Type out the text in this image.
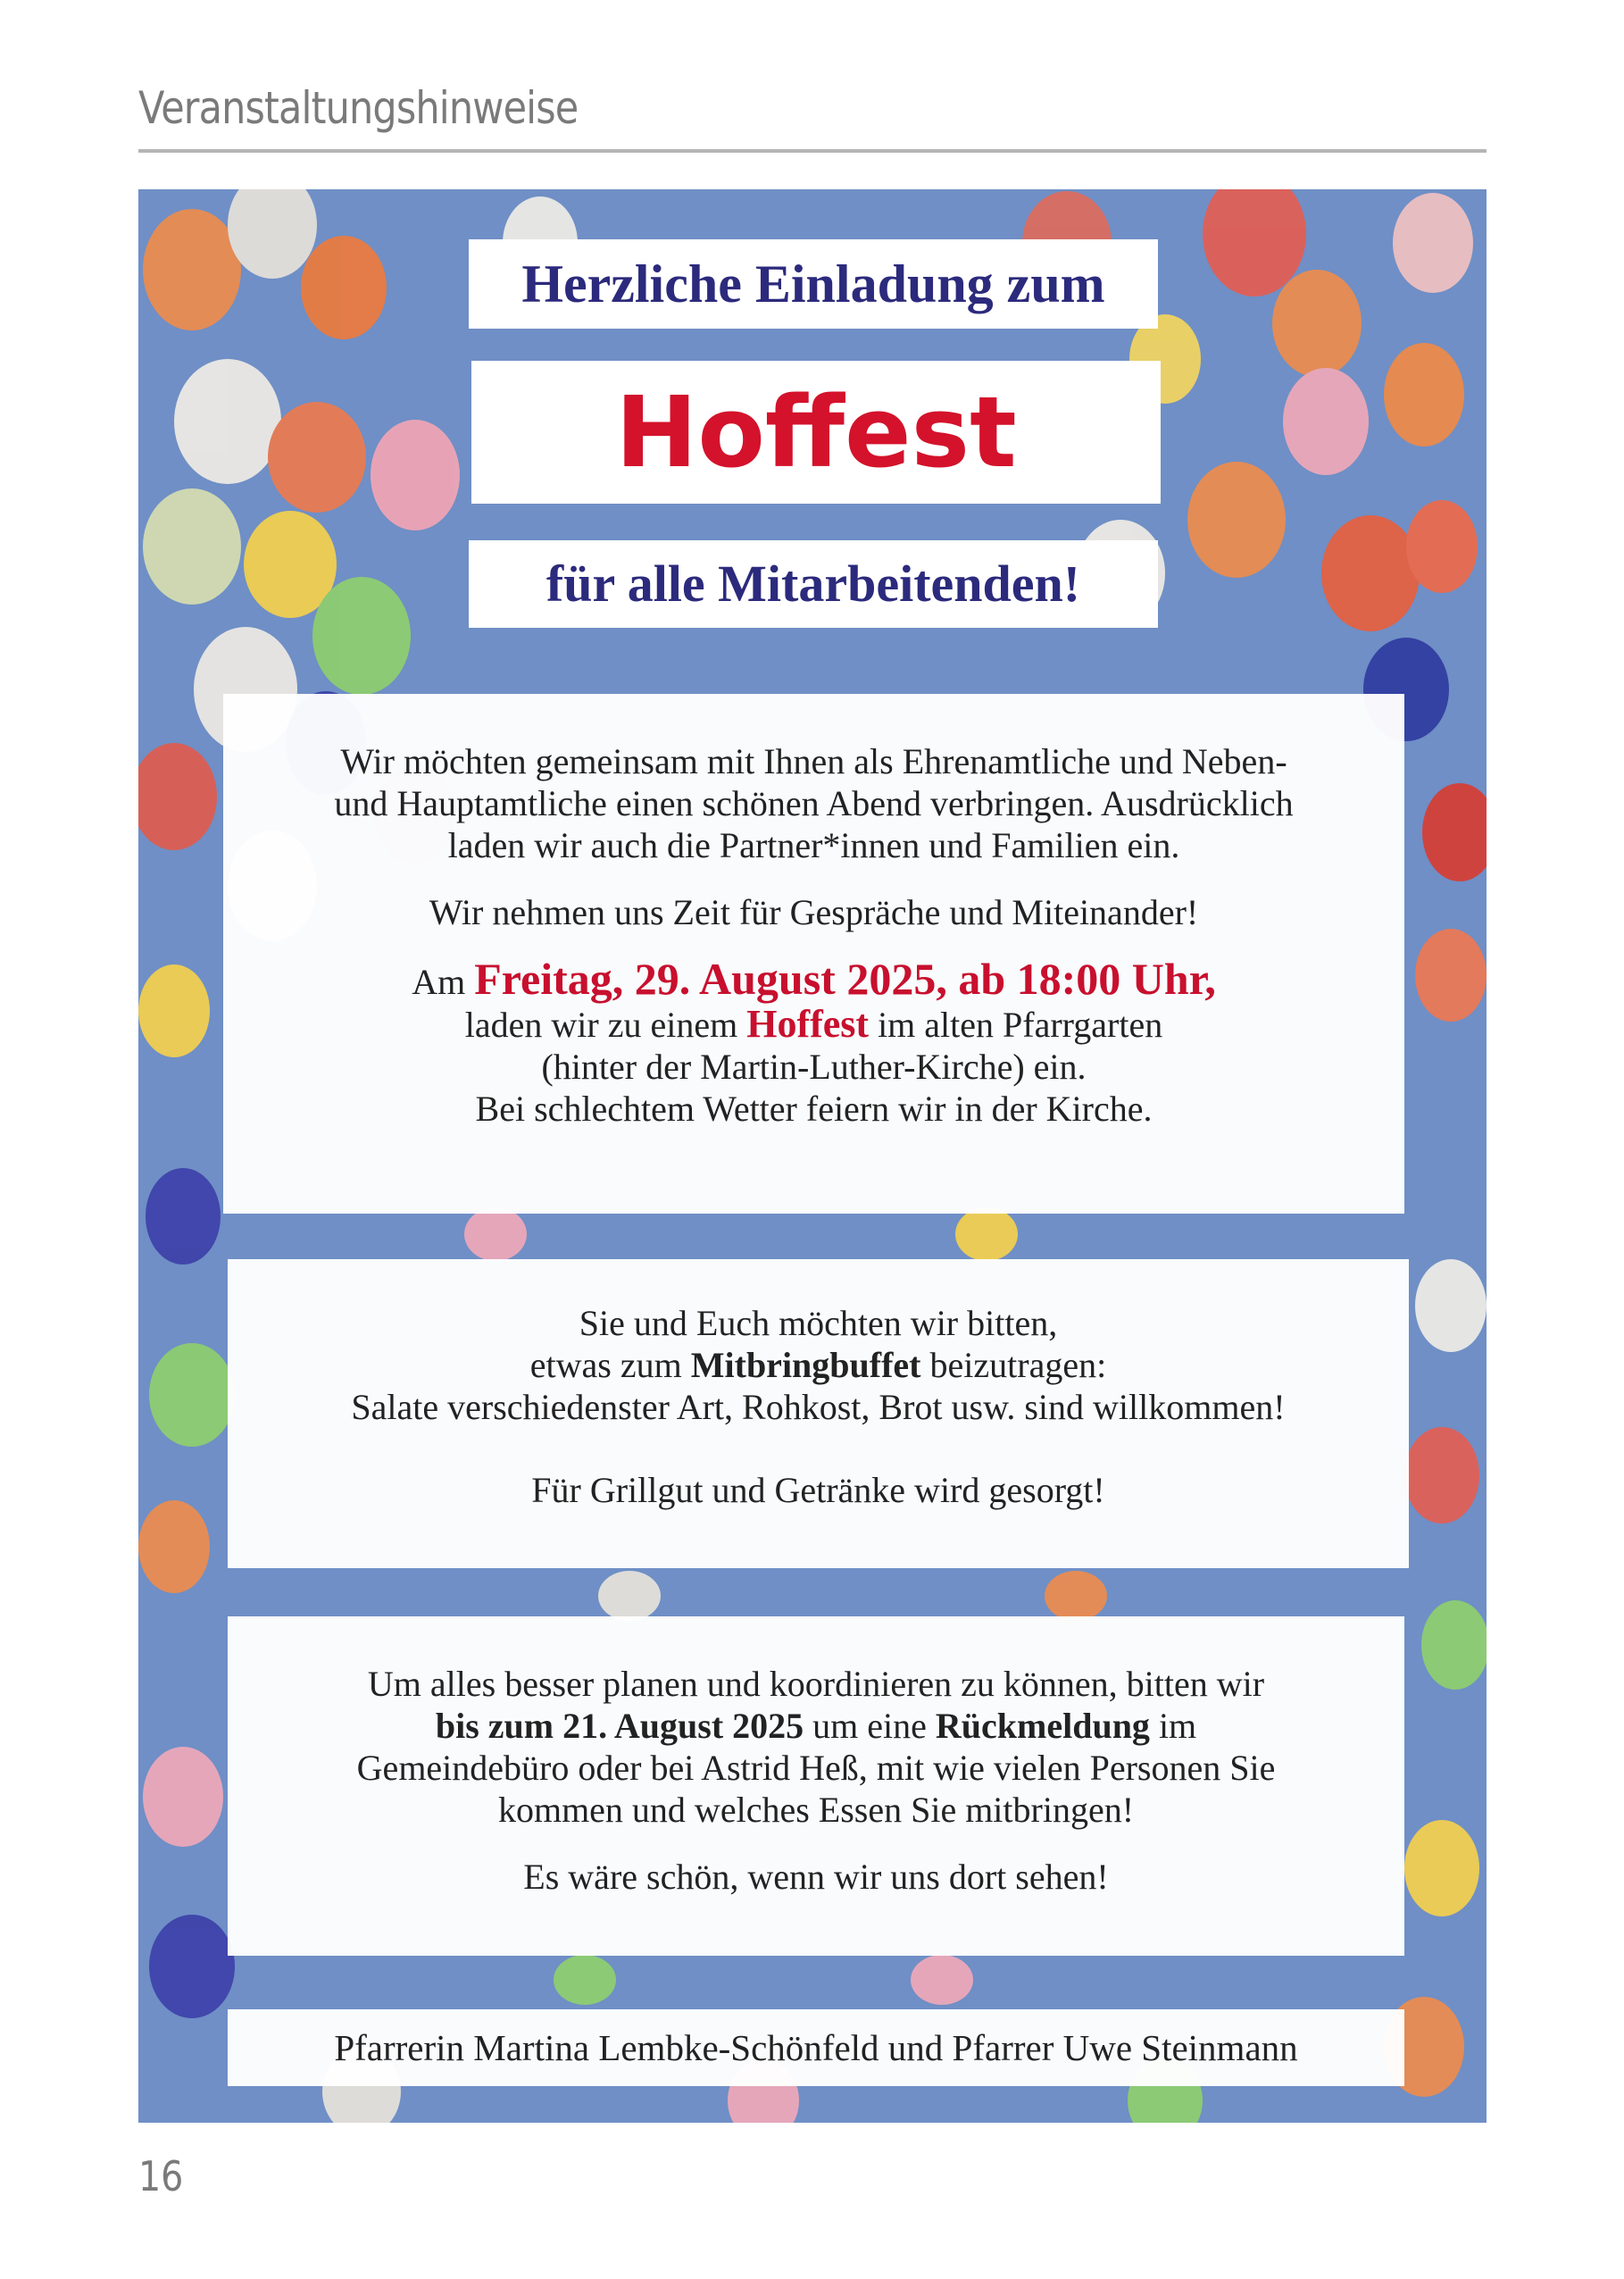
Veranstaltungshinweise
Herzliche Einladung zum
Hoffest
für alle Mitarbeitenden!

Wir möchten gemeinsam mit Ihnen als Ehrenamtliche und Neben-

und Hauptamtliche einen schönen Abend verbringen. Ausdrücklich

laden wir auch die Partner*innen und Familien ein.

Wir nehmen uns Zeit für Gespräche und Miteinander!

Am Freitag, 29. August 2025, ab 18:00 Uhr,

laden wir zu einem Hoffest im alten Pfarrgarten

(hinter der Martin-Luther-Kirche) ein.

Bei schlechtem Wetter feiern wir in der Kirche.

Sie und Euch möchten wir bitten,

etwas zum Mitbringbuffet beizutragen:

Salate verschiedenster Art, Rohkost, Brot usw. sind willkommen!

Für Grillgut und Getränke wird gesorgt!

Um alles besser planen und koordinieren zu können, bitten wir

bis zum 21. August 2025 um eine Rückmeldung im

Gemeindebüro oder bei Astrid Heß, mit wie vielen Personen Sie

kommen und welches Essen Sie mitbringen!

Es wäre schön, wenn wir uns dort sehen!

Pfarrerin Martina Lembke-Schönfeld und Pfarrer Uwe Steinmann
16
